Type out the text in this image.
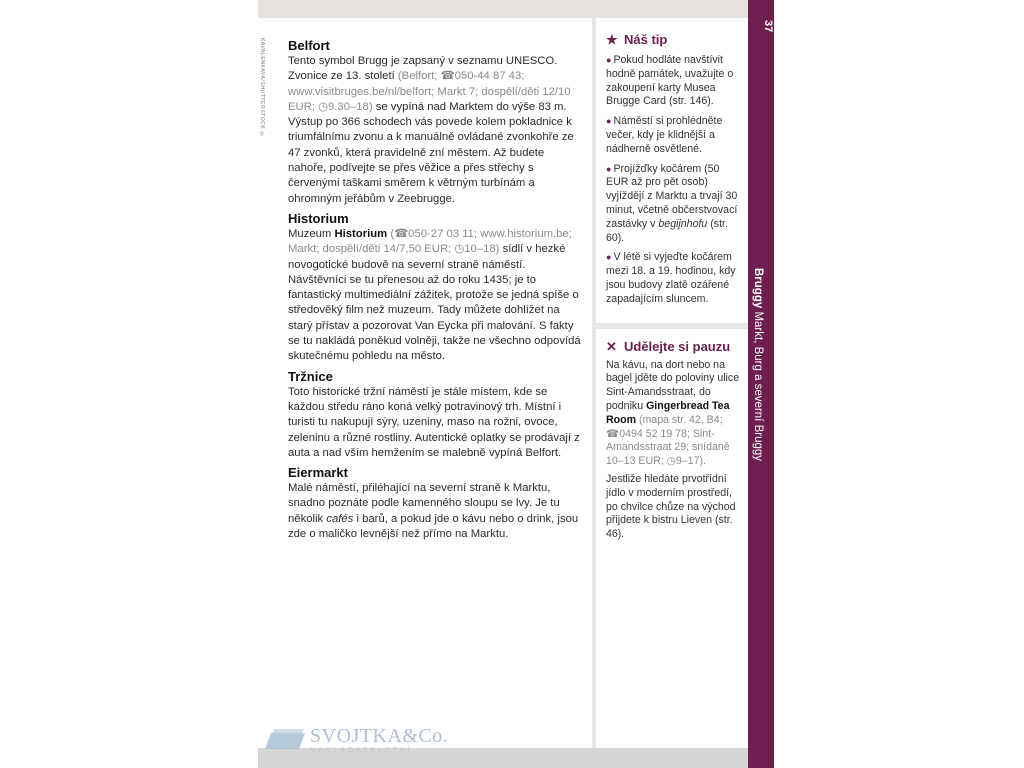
KAVALENKAVA/SHUTTERSTOCK © Belfort

Tento symbol Brugg je zapsaný v seznamu UNESCO. Zvonice ze 13. století (Belfort; ☎050-44 87 43; www.visitbruges.be/nl/belfort; Markt 7; dospělí/děti 12/10 EUR; ◷9.30–18) se vypíná nad Marktem do výše 83 m. Výstup po 366 schodech vás povede kolem pokladnice k triumfálnímu zvonu a k manuálně ovládané zvonkohře ze 47 zvonků, která pravidelně zní městem. Až budete nahoře, podívejte se přes věžice a přes střechy s červenými taškami směrem k větrným turbínám a ohromným jeřábům v Zeebrugge.

Historium

Muzeum Historium (☎050-27 03 11; www.historium.be; Markt; dospělí/děti 14/7,50 EUR; ◷10–18) sídlí v hezké novogotické budově na severní straně náměstí. Návštěvníci se tu přenesou až do roku 1435; je to fantastický multimediální zážitek, protože se jedná spíše o středověký film než muzeum. Tady můžete dohlížet na starý přístav a pozorovat Van Eycka při malování. S fakty se tu nakládá poněkud volněji, takže ne všechno odpovídá skutečnému pohledu na město.

Tržnice

Toto historické tržní náměstí je stále místem, kde se každou středu ráno koná velký potravinový trh. Místní i turisti tu nakupují sýry, uzeniny, maso na rožni, ovoce, zeleninu a různé rostliny. Autentické oplatky se prodávají z auta a nad vším hemžením se malebně vypíná Belfort.

Eiermarkt

Malé náměstí, přiléhající na severní straně k Marktu, snadno poznáte podle kamenného sloupu se lvy. Je tu několik cafés i barů, a pokud jde o kávu nebo o drink, jsou zde o maličko levnější než přímo na Marktu.

★ Náš tip

● Pokud hodláte navštívit hodně památek, uvažujte o zakoupení karty Musea Brugge Card (str. 146).

● Náměstí si prohlédněte večer, kdy je klidnější a nádherně osvětlené.

● Projížďky kočárem (50 EUR až pro pět osob) vyjíždějí z Marktu a trvají 30 minut, včetně občerstvovací zastávky v begijnhofu (str. 60).

● V létě si vyjeďte kočárem mezi 18. a 19. hodinou, kdy jsou budovy zlatě ozářené zapadajícím sluncem.

✕ Udělejte si pauzu

Na kávu, na dort nebo na bagel jděte do poloviny ulice Sint-Amandsstraat, do podniku Gingerbread Tea Room (mapa str. 42, B4; ☎0494 52 19 78; Sint-Amandsstraat 29; snídaně 10–13 EUR; ◷9–17).

Jestliže hledáte prvotřídní jídlo v moderním prostředí, po chvilce chůze na východ přijdete k bistru Lieven (str. 46).

37
Bruggy Markt, Burg a severní Bruggy
SVOJTKA&Co.
NAKLADATELSTVÍ
